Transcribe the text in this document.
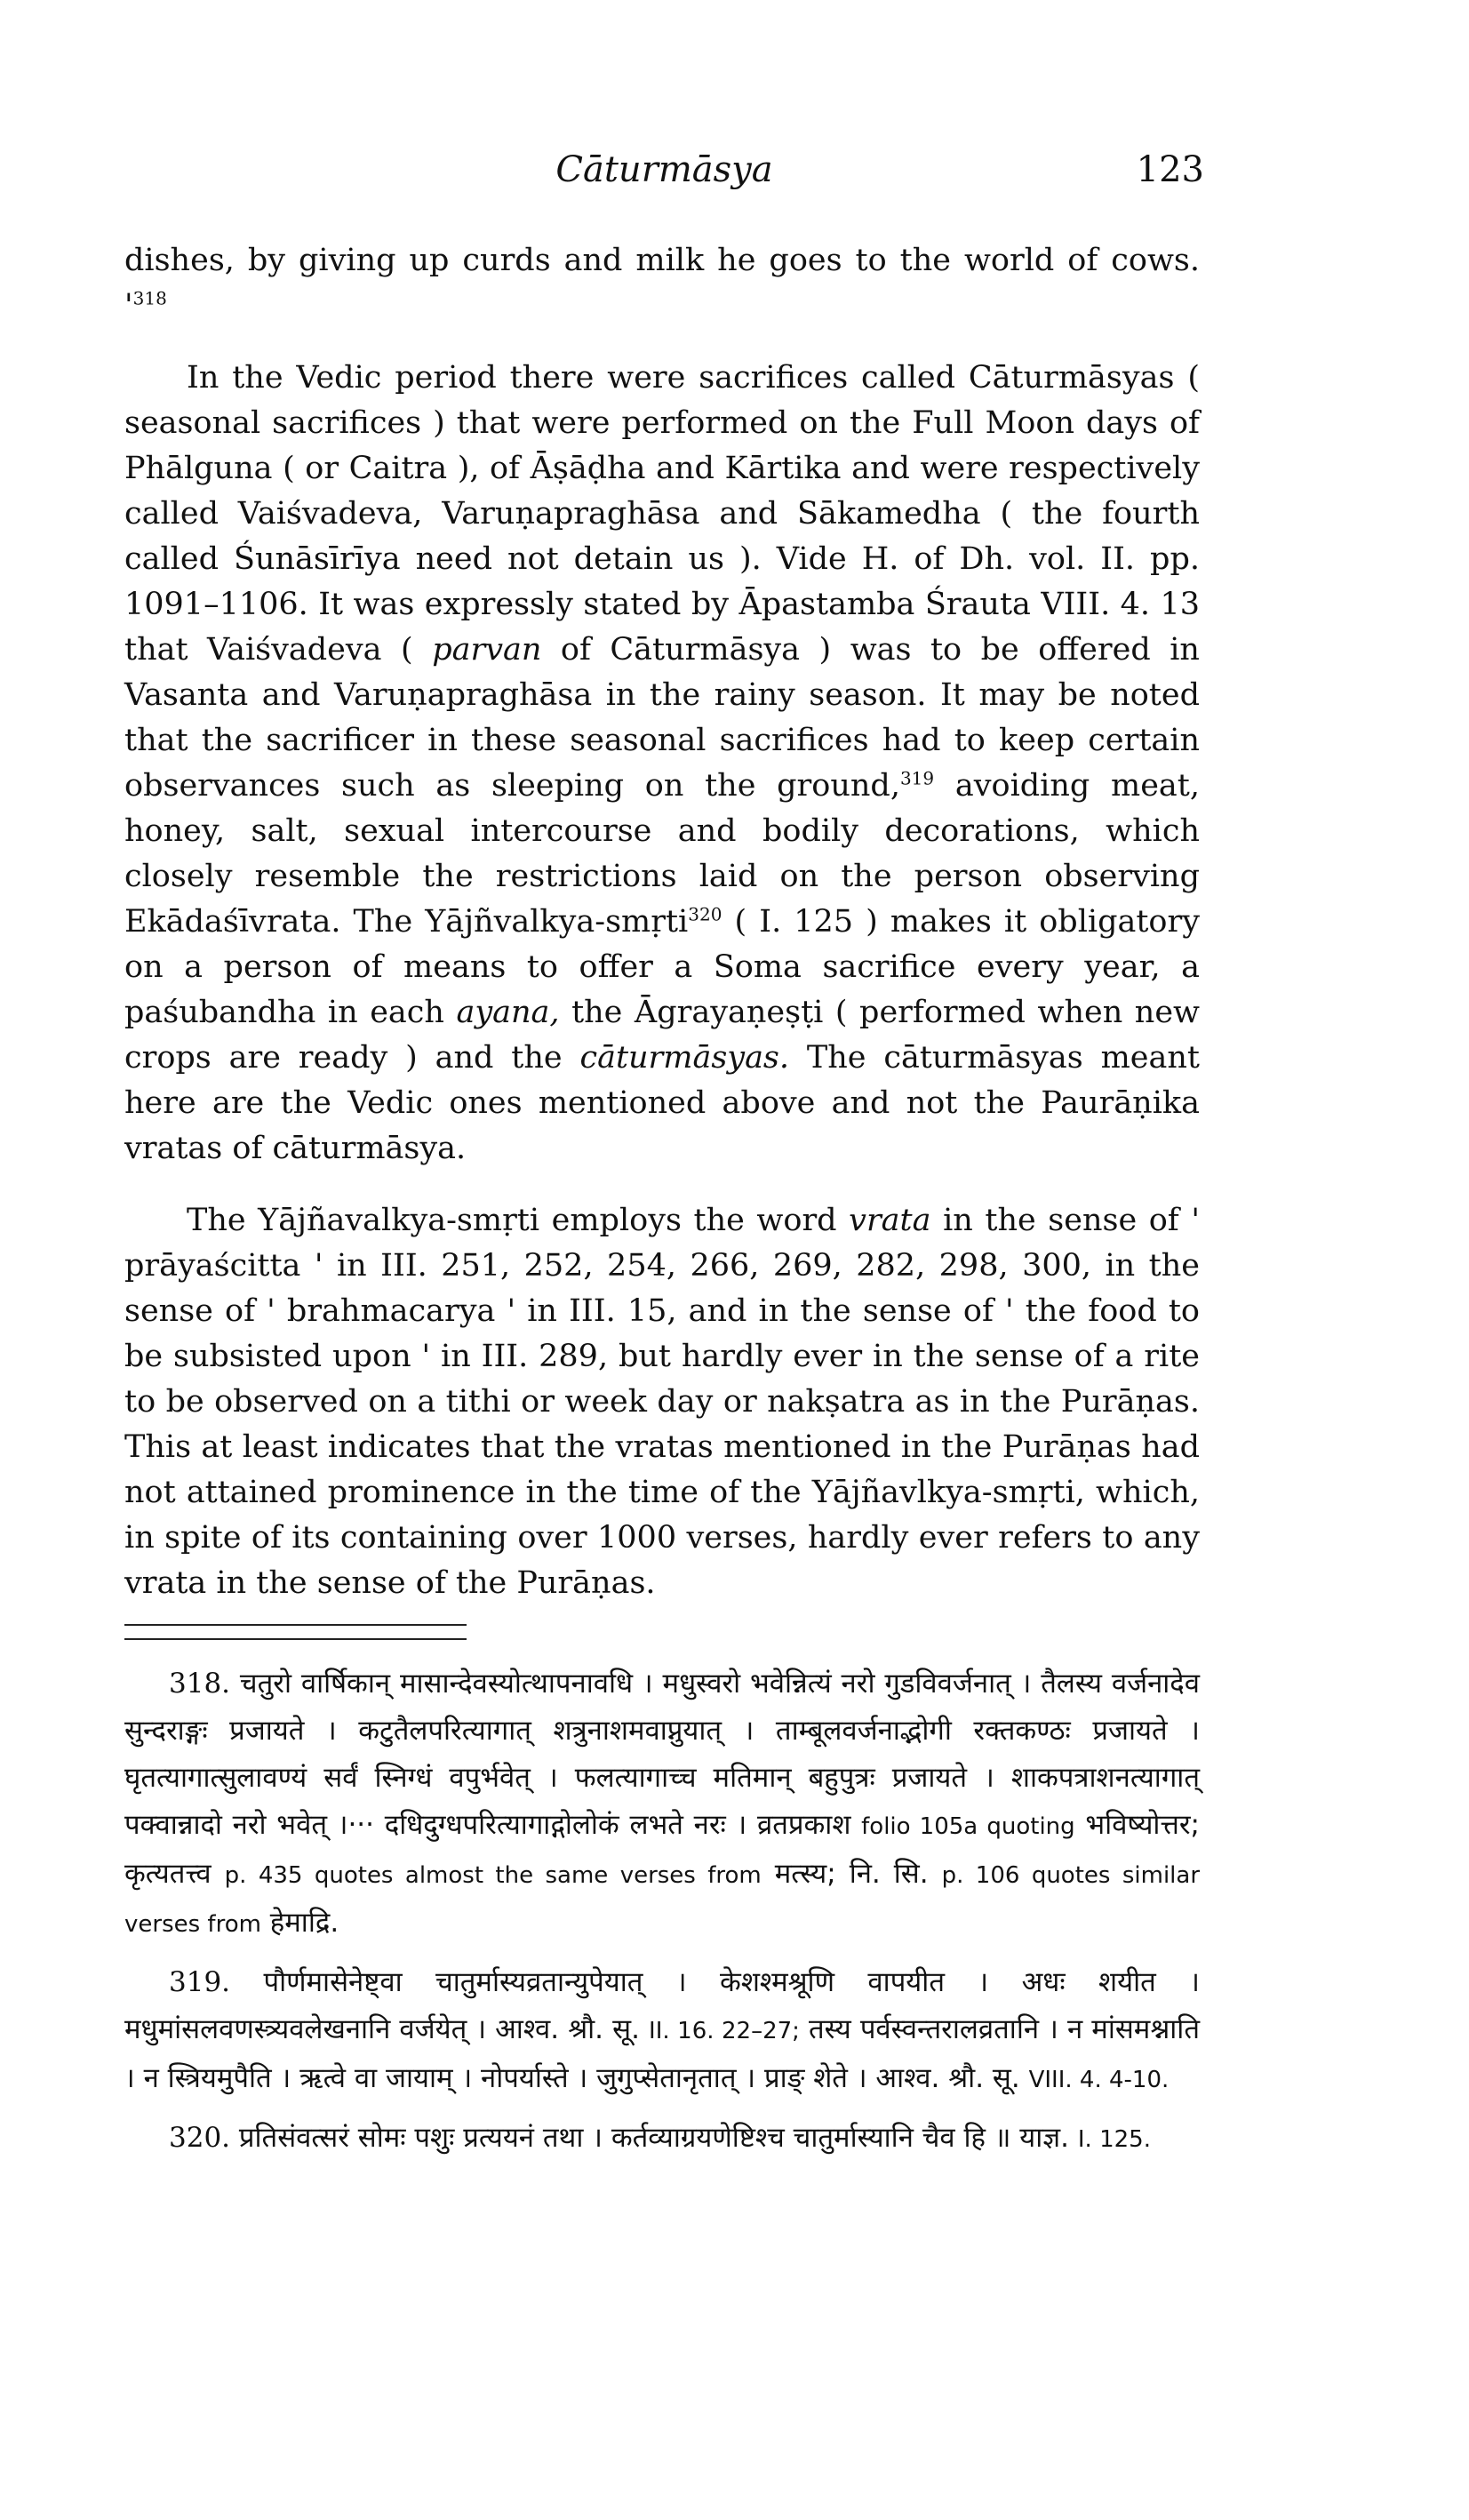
Cāturmāsya	123

dishes, by giving up curds and milk he goes to the world of cows. '$^{318}$

In the Vedic period there were sacrifices called Cāturmāsyas ( seasonal sacrifices ) that were performed on the Full Moon days of Phālguna ( or Caitra ), of Āṣāḍha and Kārtika and were respectively called Vaiśvadeva, Varuṇapraghāsa and Sākamedha ( the fourth called Śunāsīrīya need not detain us ). Vide H. of Dh. vol. II. pp. 1091–1106. It was expressly stated by Āpastamba Śrauta VIII. 4. 13 that Vaiśvadeva ( parvan of Cāturmāsya ) was to be offered in Vasanta and Varuṇapraghāsa in the rainy season. It may be noted that the sacrificer in these seasonal sacrifices had to keep certain observances such as sleeping on the ground,$^{319}$ avoiding meat, honey, salt, sexual intercourse and bodily decorations, which closely resemble the restrictions laid on the person observing Ekādaśīvrata. The Yājñvalkya-smṛti$^{320}$ ( I. 125 ) makes it obligatory on a person of means to offer a Soma sacrifice every year, a paśubandha in each ayana, the Āgrayaṇeṣṭi ( performed when new crops are ready ) and the cāturmāsyas. The cāturmāsyas meant here are the Vedic ones mentioned above and not the Paurāṇika vratas of cāturmāsya.

The Yājñavalkya-smṛti employs the word vrata in the sense of ' prāyaścitta ' in III. 251, 252, 254, 266, 269, 282, 298, 300, in the sense of ' brahmacarya ' in III. 15, and in the sense of ' the food to be subsisted upon ' in III. 289, but hardly ever in the sense of a rite to be observed on a tithi or week day or nakṣatra as in the Purāṇas. This at least indicates that the vratas mentioned in the Purāṇas had not attained prominence in the time of the Yājñavlkya-smṛti, which, in spite of its containing over 1000 verses, hardly ever refers to any vrata in the sense of the Purāṇas.

318. चतुरो वार्षिकान् मासान्देवस्योत्थापनावधि । मधुस्वरो भवेन्नित्यं नरो गुडविवर्जनात् । तैलस्य वर्जनादेव सुन्दराङ्गः प्रजायते । कटुतैलपरित्यागात् शत्रुनाशमवाप्नुयात् । ताम्बूलवर्जनाद्भोगी रक्तकण्ठः प्रजायते । घृतत्यागात्सुलावण्यं सर्वं स्निग्धं वपुर्भवेत् । फलत्यागाच्च मतिमान् बहुपुत्रः प्रजायते । शाकपत्राशनत्यागात् पक्वान्नादो नरो भवेत् ।··· दधिदुग्धपरित्यागाद्गोलोकं लभते नरः । व्रतप्रकाश folio 105a quoting भविष्योत्तर; कृत्यतत्त्व p. 435 quotes almost the same verses from मत्स्य; नि. सि. p. 106 quotes similar verses from हेमाद्रि.

319. पौर्णमासेनेष्ट्वा चातुर्मास्यव्रतान्युपेयात् । केशश्मश्रूणि वापयीत । अधः शयीत । मधुमांसलवणस्त्र्यवलेखनानि वर्जयेत् । आश्व. श्रौ. सू. II. 16. 22–27; तस्य पर्वस्वन्तरालव्रतानि । न मांसमश्नाति । न स्त्रियमुपैति । ऋत्वे वा जायाम् । नोपर्यास्ते । जुगुप्सेतानृतात् । प्राङ् शेते । आश्व. श्रौ. सू. VIII. 4. 4-10.

320. प्रतिसंवत्सरं सोमः पशुः प्रत्ययनं तथा । कर्तव्याग्रयणेष्टिश्च चातुर्मास्यानि चैव हि ॥ याज्ञ. I. 125.
